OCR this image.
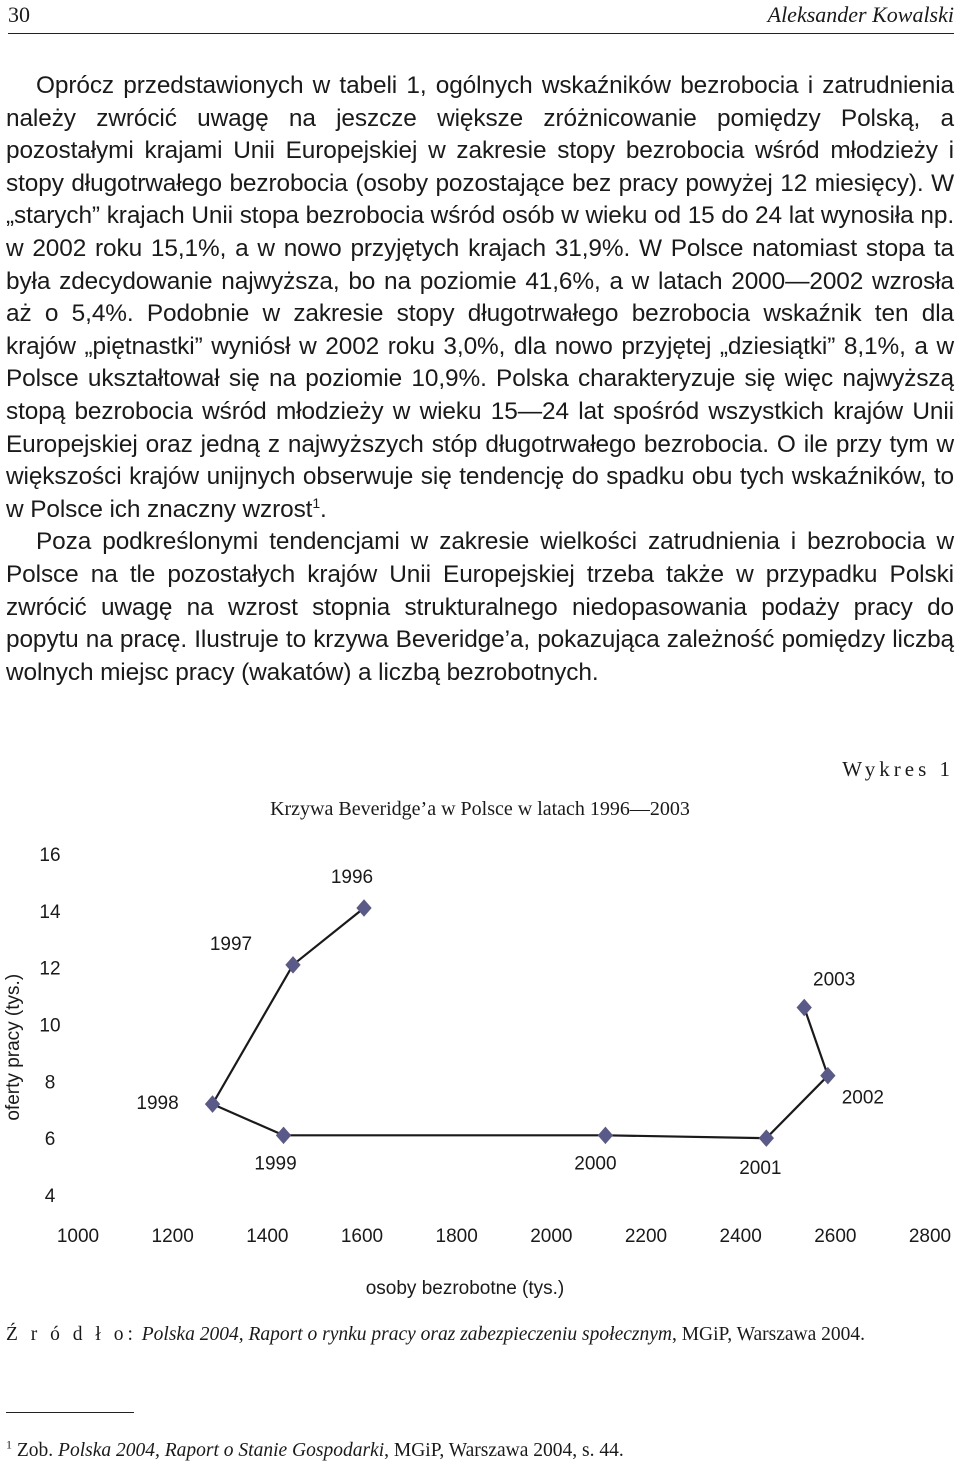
30	Aleksander Kowalski

Oprócz przedstawionych w tabeli 1, ogólnych wskaźników bezrobocia i zatrudnienia należy zwrócić uwagę na jeszcze większe zróżnicowanie pomiędzy Polską, a pozostałymi krajami Unii Europejskiej w zakresie stopy bezrobocia wśród młodzieży i stopy długotrwałego bezrobocia (osoby pozostające bez pracy powyżej 12 miesięcy). W „starych” krajach Unii stopa bezrobocia wśród osób w wieku od 15 do 24 lat wynosiła np. w 2002 roku 15,1%, a w nowo przyjętych krajach 31,9%. W Polsce natomiast stopa ta była zdecydowanie najwyższa, bo na poziomie 41,6%, a w latach 2000—2002 wzrosła aż o 5,4%. Podobnie w zakresie stopy długotrwałego bezrobocia wskaźnik ten dla krajów „piętnastki” wyniósł w 2002 roku 3,0%, dla nowo przyjętej „dziesiątki” 8,1%, a w Polsce ukształtował się na poziomie 10,9%. Polska charakteryzuje się więc najwyższą stopą bezrobocia wśród młodzieży w wieku 15—24 lat spośród wszystkich krajów Unii Europejskiej oraz jedną z najwyższych stóp długotrwałego bezrobocia. O ile przy tym w większości krajów unijnych obserwuje się tendencję do spadku obu tych wskaźników, to w Polsce ich znaczny wzrost$^1$.

Poza podkreślonymi tendencjami w zakresie wielkości zatrudnienia i bezrobocia w Polsce na tle pozostałych krajów Unii Europejskiej trzeba także w przypadku Polski zwrócić uwagę na wzrost stopnia strukturalnego niedopasowania podaży pracy do popytu na pracę. Ilustruje to krzywa Beveridge’a, pokazująca zależność pomiędzy liczbą wolnych miejsc pracy (wakatów) a liczbą bezrobotnych.

Wykres 1
Krzywa Beveridge’a w Polsce w latach 1996—2003
4
6
8
10
12
14
16
1000	1200	1400	1600	1800	2000	2200	2400	2600	2800
osoby bezrobotne (tys.)
oferty pracy (tys.)
1996
1997
1998
1999	2000	2001
2002
2003
Ź r ó d ł o: Polska 2004, Raport o rynku pracy oraz zabezpieczeniu społecznym, MGiP, Warszawa 2004.
$^1$ Zob. Polska 2004, Raport o Stanie Gospodarki, MGiP, Warszawa 2004, s. 44.
